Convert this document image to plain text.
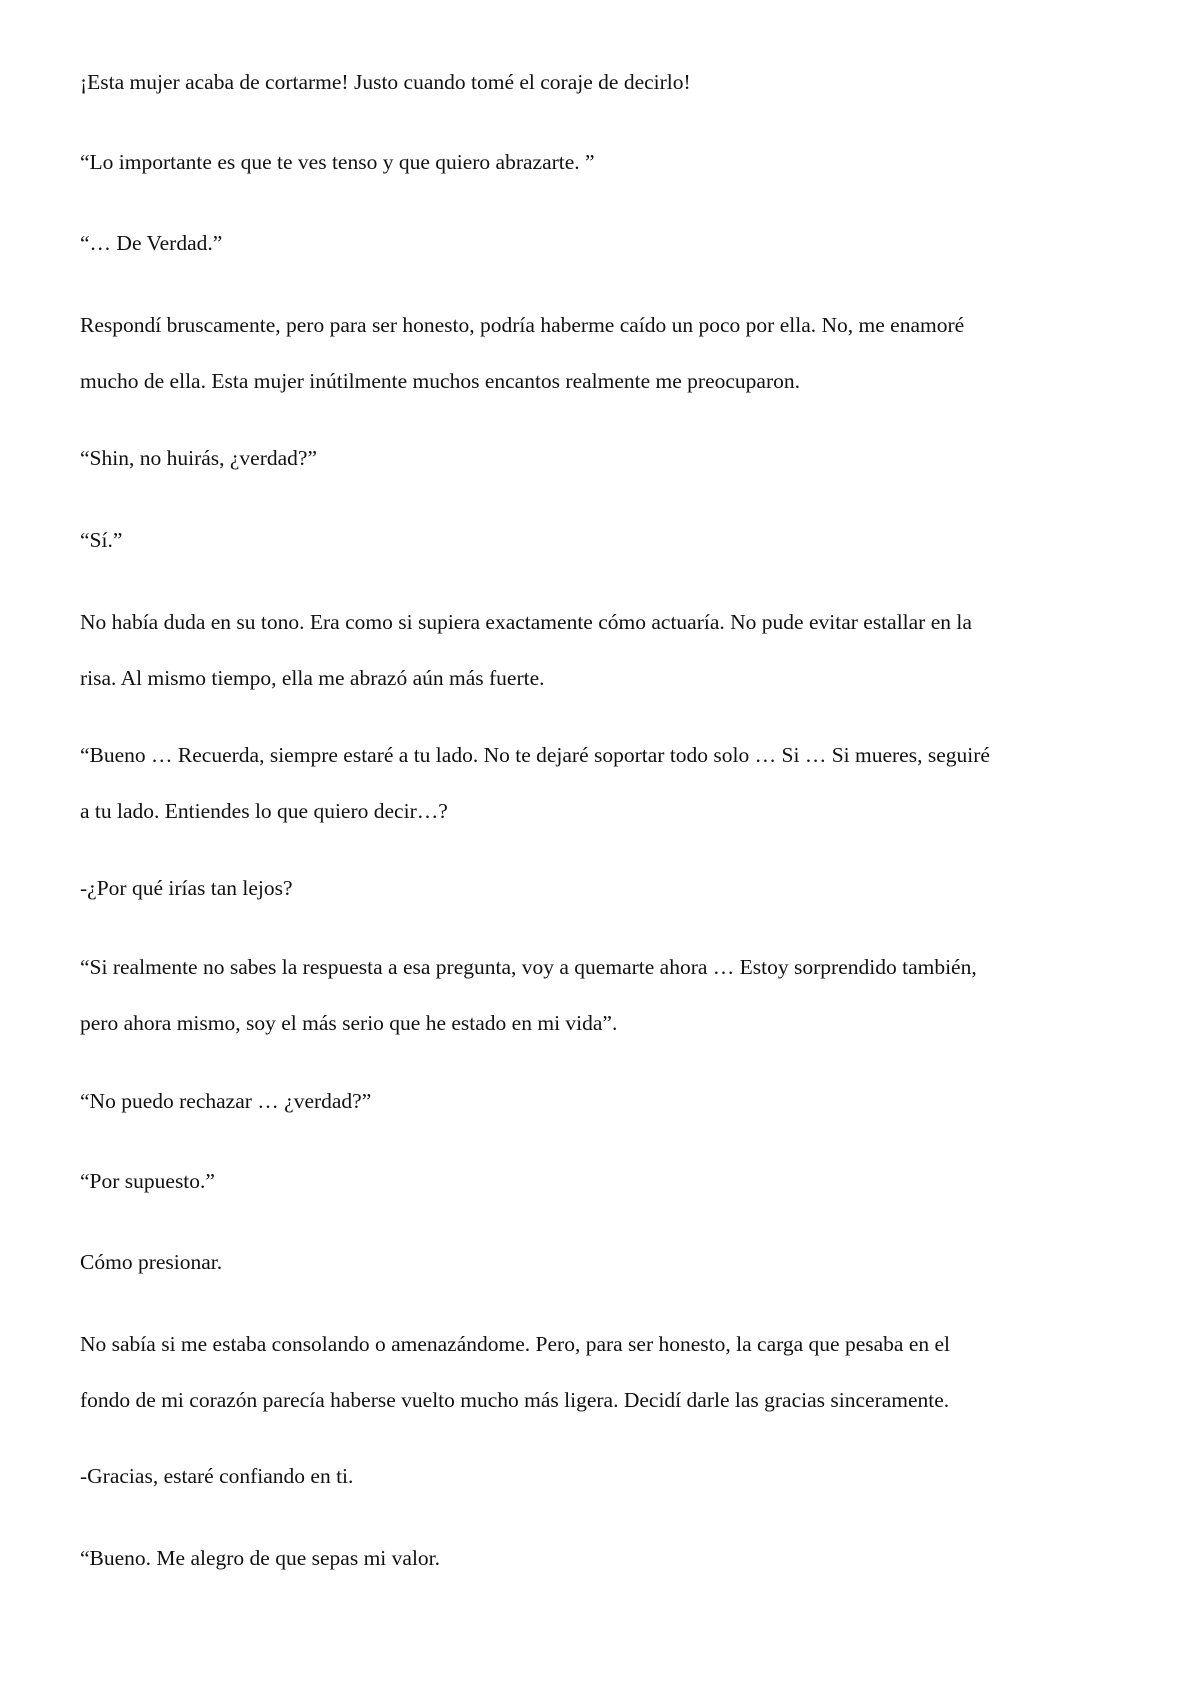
¡Esta mujer acaba de cortarme! Justo cuando tomé el coraje de decirlo!
“Lo importante es que te ves tenso y que quiero abrazarte. ”
“… De Verdad.”
Respondí bruscamente, pero para ser honesto, podría haberme caído un poco por ella. No, me enamoré
mucho de ella. Esta mujer inútilmente muchos encantos realmente me preocuparon.
“Shin, no huirás, ¿verdad?”
“Sí.”
No había duda en su tono. Era como si supiera exactamente cómo actuaría. No pude evitar estallar en la
risa. Al mismo tiempo, ella me abrazó aún más fuerte.
“Bueno … Recuerda, siempre estaré a tu lado. No te dejaré soportar todo solo … Si … Si mueres, seguiré
a tu lado. Entiendes lo que quiero decir…?
-¿Por qué irías tan lejos?
“Si realmente no sabes la respuesta a esa pregunta, voy a quemarte ahora … Estoy sorprendido también,
pero ahora mismo, soy el más serio que he estado en mi vida”.
“No puedo rechazar … ¿verdad?”
“Por supuesto.”
Cómo presionar.
No sabía si me estaba consolando o amenazándome. Pero, para ser honesto, la carga que pesaba en el
fondo de mi corazón parecía haberse vuelto mucho más ligera. Decidí darle las gracias sinceramente.
-Gracias, estaré confiando en ti.
“Bueno. Me alegro de que sepas mi valor.
